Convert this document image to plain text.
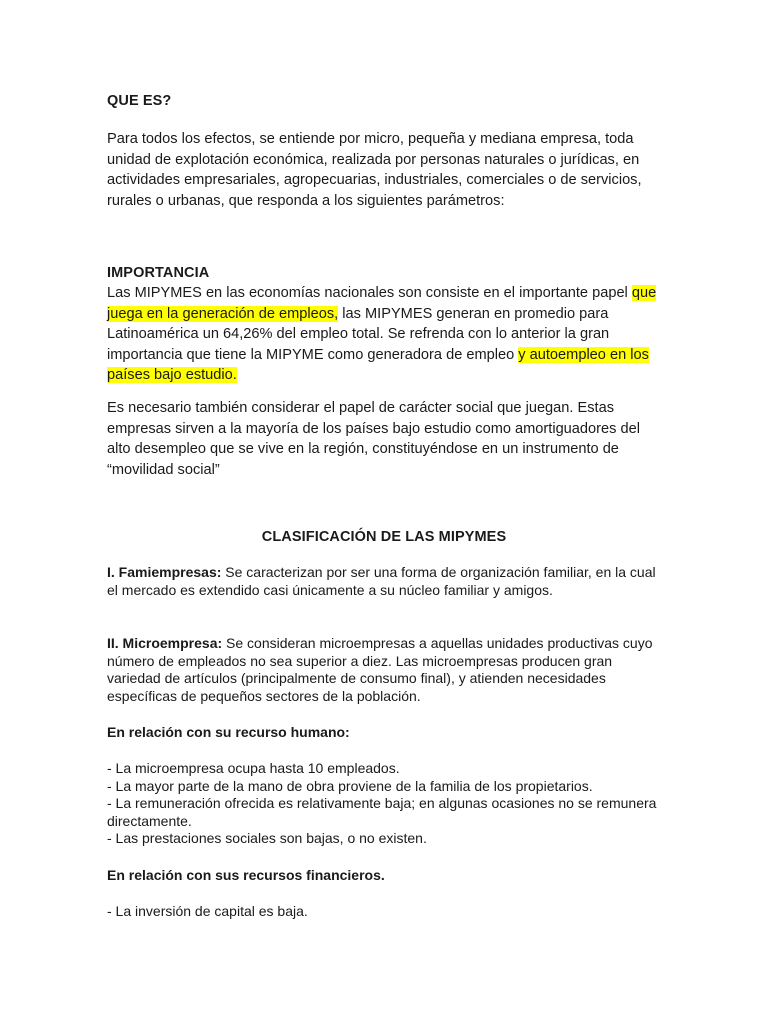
QUE ES?

Para todos los efectos, se entiende por micro, pequeña y mediana empresa, toda unidad de explotación económica, realizada por personas naturales o jurídicas, en actividades empresariales, agropecuarias, industriales, comerciales o de servicios, rurales o urbanas, que responda a los siguientes parámetros:

IMPORTANCIA

Las MIPYMES en las economías nacionales son consiste en el importante papel que juega en la generación de empleos, las MIPYMES generan en promedio para Latinoamérica un 64,26% del empleo total. Se refrenda con lo anterior la gran importancia que tiene la MIPYME como generadora de empleo y autoempleo en los países bajo estudio.

Es necesario también considerar el papel de carácter social que juegan. Estas empresas sirven a la mayoría de los países bajo estudio como amortiguadores del alto desempleo que se vive en la región, constituyéndose en un instrumento de “movilidad social”

CLASIFICACIÓN DE LAS MIPYMES

I. Famiempresas: Se caracterizan por ser una forma de organización familiar, en la cual el mercado es extendido casi únicamente a su núcleo familiar y amigos.

II. Microempresa: Se consideran microempresas a aquellas unidades productivas cuyo número de empleados no sea superior a diez. Las microempresas producen gran variedad de artículos (principalmente de consumo final), y atienden necesidades específicas de pequeños sectores de la población.

En relación con su recurso humano:

- La microempresa ocupa hasta 10 empleados.
- La mayor parte de la mano de obra proviene de la familia de los propietarios.
- La remuneración ofrecida es relativamente baja; en algunas ocasiones no se remunera directamente.
- Las prestaciones sociales son bajas, o no existen.

En relación con sus recursos financieros.

- La inversión de capital es baja.
